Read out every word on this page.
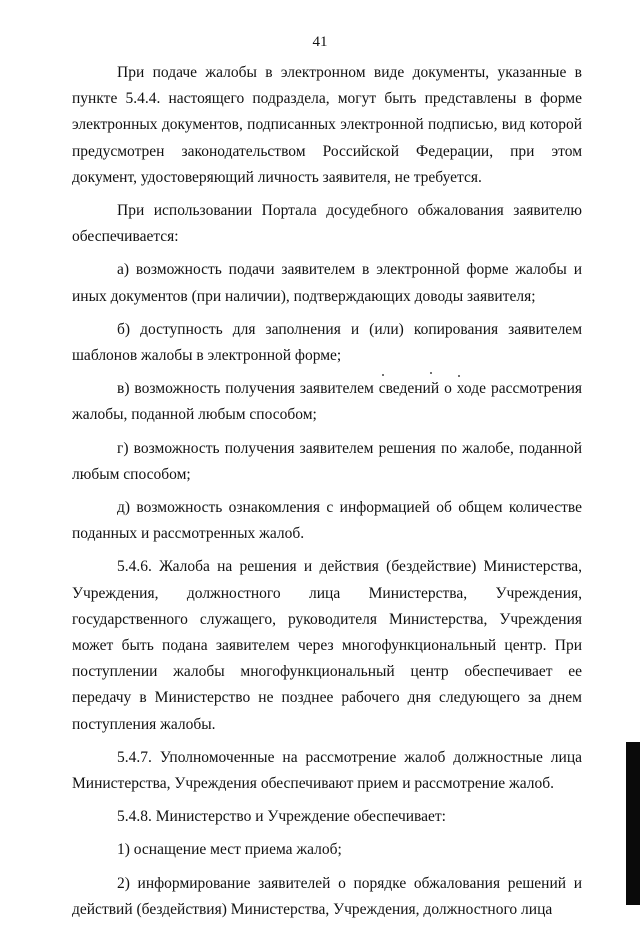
41

При подаче жалобы в электронном виде документы, указанные в пункте 5.4.4. настоящего подраздела, могут быть представлены в форме электронных документов, подписанных электронной подписью, вид которой предусмотрен законодательством Российской Федерации, при этом документ, удостоверяющий личность заявителя, не требуется.

При использовании Портала досудебного обжалования заявителю обеспечивается:

а) возможность подачи заявителем в электронной форме жалобы и иных документов (при наличии), подтверждающих доводы заявителя;

б) доступность для заполнения и (или) копирования заявителем шаблонов жалобы в электронной форме;

в) возможность получения заявителем сведений о ходе рассмотрения жалобы, поданной любым способом;

г) возможность получения заявителем решения по жалобе, поданной любым способом;

д) возможность ознакомления с информацией об общем количестве поданных и рассмотренных жалоб.

5.4.6. Жалоба на решения и действия (бездействие) Министерства, Учреждения, должностного лица Министерства, Учреждения, государственного служащего, руководителя Министерства, Учреждения может быть подана заявителем через многофункциональный центр. При поступлении жалобы многофункциональный центр обеспечивает ее передачу в Министерство не позднее рабочего дня следующего за днем поступления жалобы.

5.4.7. Уполномоченные на рассмотрение жалоб должностные лица Министерства, Учреждения обеспечивают прием и рассмотрение жалоб.

5.4.8. Министерство и Учреждение обеспечивает:

1) оснащение мест приема жалоб;

2) информирование заявителей о порядке обжалования решений и действий (бездействия) Министерства, Учреждения, должностного лица
